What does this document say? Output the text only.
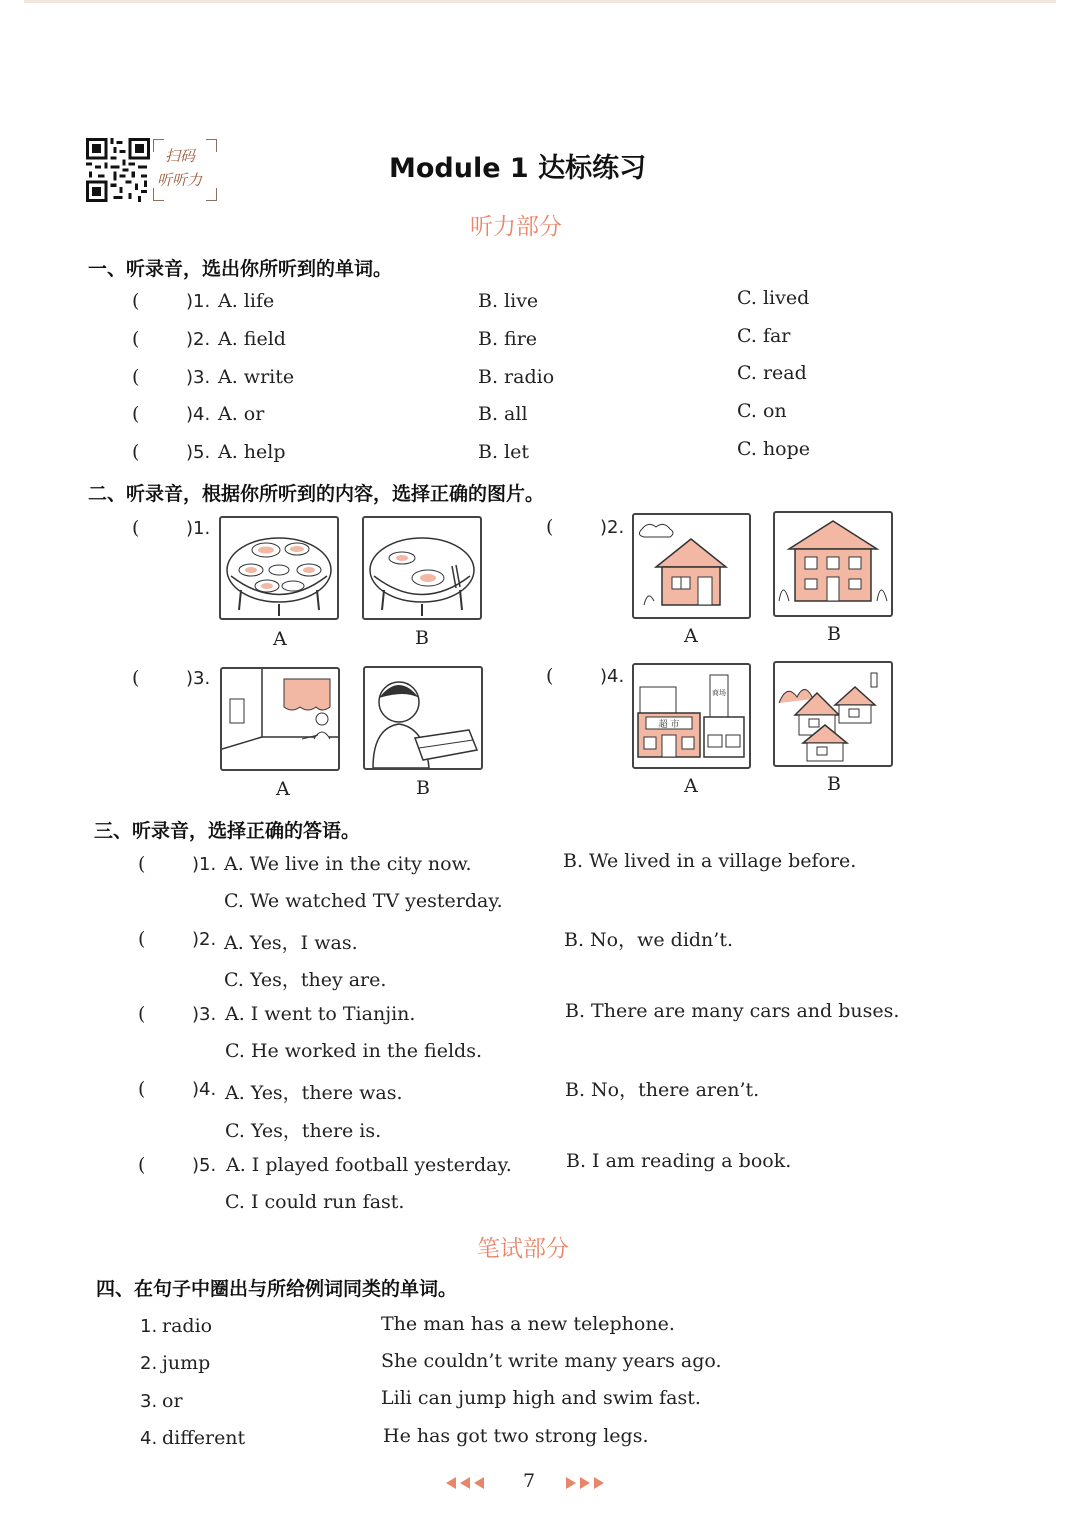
扫码
听听力	Module 1 达标练习
听力部分
一、听录音，选出你所听到的单词。
(	)1. A. life	B. live	C. lived
(	)2. A. field	B. fire	C. far
(	)3. A. write	B. radio	C. read
(	)4. A. or	B. all	C. on
(	)5. A. help	B. let	C. hope
二、听录音，根据你所听到的内容，选择正确的图片。
(	)1.
A	B
(	)2.
A	B
(	)3.
A	B
(	)4.
商场
超 市
A	B
三、听录音，选择正确的答语。
(	)1. A. We live in the city now.	B. We lived in a village before.
C. We watched TV yesterday.
(	)2. A. Yes，I was.	B. No，we didn’t.
C. Yes，they are.
(	)3. A. I went to Tianjin.	B. There are many cars and buses.
C. He worked in the fields.
(	)4. A. Yes，there was.	B. No，there aren’t.
C. Yes，there is.
(	)5. A. I played football yesterday.	B. I am reading a book.
C. I could run fast.
笔试部分
四、在句子中圈出与所给例词同类的单词。
1. radio	The man has a new telephone.
2. jump	She couldn’t write many years ago.
3. or	Lili can jump high and swim fast.
4. different	He has got two strong legs.
7
